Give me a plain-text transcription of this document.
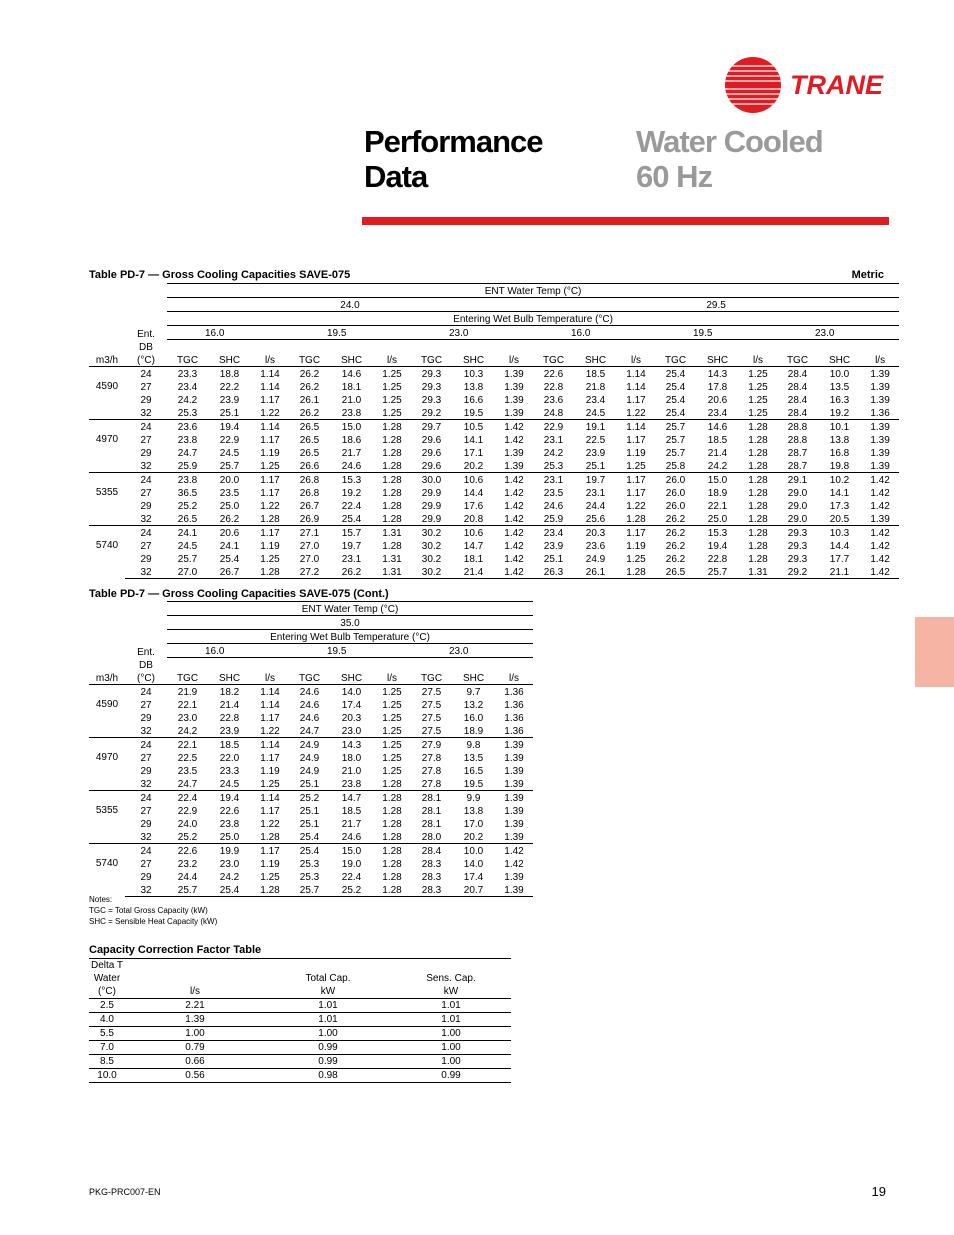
TRANE
Performance
Data
Water Cooled
60 Hz
Table PD-7 — Gross Cooling Capacities SAVE-075	Metric
		ENT Water Temp (°C)																	
		24.0									29.5								
		Entering Wet Bulb Temperature (°C)																	
	Ent.	16.0			19.5			23.0			16.0			19.5			23.0		
	DB																		
m3/h	(°C)	TGC	SHC	l/s	TGC	SHC	l/s	TGC	SHC	l/s	TGC	SHC	l/s	TGC	SHC	l/s	TGC	SHC	l/s
	24	23.3	18.8	1.14	26.2	14.6	1.25	29.3	10.3	1.39	22.6	18.5	1.14	25.4	14.3	1.25	28.4	10.0	1.39
4590	27	23.4	22.2	1.14	26.2	18.1	1.25	29.3	13.8	1.39	22.8	21.8	1.14	25.4	17.8	1.25	28.4	13.5	1.39
	29	24.2	23.9	1.17	26.1	21.0	1.25	29.3	16.6	1.39	23.6	23.4	1.17	25.4	20.6	1.25	28.4	16.3	1.39
	32	25.3	25.1	1.22	26.2	23.8	1.25	29.2	19.5	1.39	24.8	24.5	1.22	25.4	23.4	1.25	28.4	19.2	1.36
	24	23.6	19.4	1.14	26.5	15.0	1.28	29.7	10.5	1.42	22.9	19.1	1.14	25.7	14.6	1.28	28.8	10.1	1.39
4970	27	23.8	22.9	1.17	26.5	18.6	1.28	29.6	14.1	1.42	23.1	22.5	1.17	25.7	18.5	1.28	28.8	13.8	1.39
	29	24.7	24.5	1.19	26.5	21.7	1.28	29.6	17.1	1.39	24.2	23.9	1.19	25.7	21.4	1.28	28.7	16.8	1.39
	32	25.9	25.7	1.25	26.6	24.6	1.28	29.6	20.2	1.39	25.3	25.1	1.25	25.8	24.2	1.28	28.7	19.8	1.39
	24	23.8	20.0	1.17	26.8	15.3	1.28	30.0	10.6	1.42	23.1	19.7	1.17	26.0	15.0	1.28	29.1	10.2	1.42
5355	27	36.5	23.5	1.17	26.8	19.2	1.28	29.9	14.4	1.42	23.5	23.1	1.17	26.0	18.9	1.28	29.0	14.1	1.42
	29	25.2	25.0	1.22	26.7	22.4	1.28	29.9	17.6	1.42	24.6	24.4	1.22	26.0	22.1	1.28	29.0	17.3	1.42
	32	26.5	26.2	1.28	26.9	25.4	1.28	29.9	20.8	1.42	25.9	25.6	1.28	26.2	25.0	1.28	29.0	20.5	1.39
	24	24.1	20.6	1.17	27.1	15.7	1.31	30.2	10.6	1.42	23.4	20.3	1.17	26.2	15.3	1.28	29.3	10.3	1.42
5740	27	24.5	24.1	1.19	27.0	19.7	1.28	30.2	14.7	1.42	23.9	23.6	1.19	26.2	19.4	1.28	29.3	14.4	1.42
	29	25.7	25.4	1.25	27.0	23.1	1.31	30.2	18.1	1.42	25.1	24.9	1.25	26.2	22.8	1.28	29.3	17.7	1.42
	32	27.0	26.7	1.28	27.2	26.2	1.31	30.2	21.4	1.42	26.3	26.1	1.28	26.5	25.7	1.31	29.2	21.1	1.42
Table PD-7 — Gross Cooling Capacities SAVE-075 (Cont.)
		ENT Water Temp (°C)								
		35.0								
		Entering Wet Bulb Temperature (°C)								
	Ent.	16.0			19.5			23.0		
	DB									
m3/h	(°C)	TGC	SHC	l/s	TGC	SHC	l/s	TGC	SHC	l/s
	24	21.9	18.2	1.14	24.6	14.0	1.25	27.5	9.7	1.36
4590	27	22.1	21.4	1.14	24.6	17.4	1.25	27.5	13.2	1.36
	29	23.0	22.8	1.17	24.6	20.3	1.25	27.5	16.0	1.36
	32	24.2	23.9	1.22	24.7	23.0	1.25	27.5	18.9	1.36
	24	22.1	18.5	1.14	24.9	14.3	1.25	27.9	9.8	1.39
4970	27	22.5	22.0	1.17	24.9	18.0	1.25	27.8	13.5	1.39
	29	23.5	23.3	1.19	24.9	21.0	1.25	27.8	16.5	1.39
	32	24.7	24.5	1.25	25.1	23.8	1.28	27.8	19.5	1.39
	24	22.4	19.4	1.14	25.2	14.7	1.28	28.1	9.9	1.39
5355	27	22.9	22.6	1.17	25.1	18.5	1.28	28.1	13.8	1.39
	29	24.0	23.8	1.22	25.1	21.7	1.28	28.1	17.0	1.39
	32	25.2	25.0	1.28	25.4	24.6	1.28	28.0	20.2	1.39
	24	22.6	19.9	1.17	25.4	15.0	1.28	28.4	10.0	1.42
5740	27	23.2	23.0	1.19	25.3	19.0	1.28	28.3	14.0	1.42
	29	24.4	24.2	1.25	25.3	22.4	1.28	28.3	17.4	1.39
	32	25.7	25.4	1.28	25.7	25.2	1.28	28.3	20.7	1.39
Notes:
TGC = Total Gross Capacity (kW)
SHC = Sensible Heat Capacity (kW)
Capacity Correction Factor Table
Delta T			
Water		Total Cap.	Sens. Cap.
(°C)	l/s	kW	kW
2.5	2.21	1.01	1.01
4.0	1.39	1.01	1.01
5.5	1.00	1.00	1.00
7.0	0.79	0.99	1.00
8.5	0.66	0.99	1.00
10.0	0.56	0.98	0.99
PKG-PRC007-EN	19
